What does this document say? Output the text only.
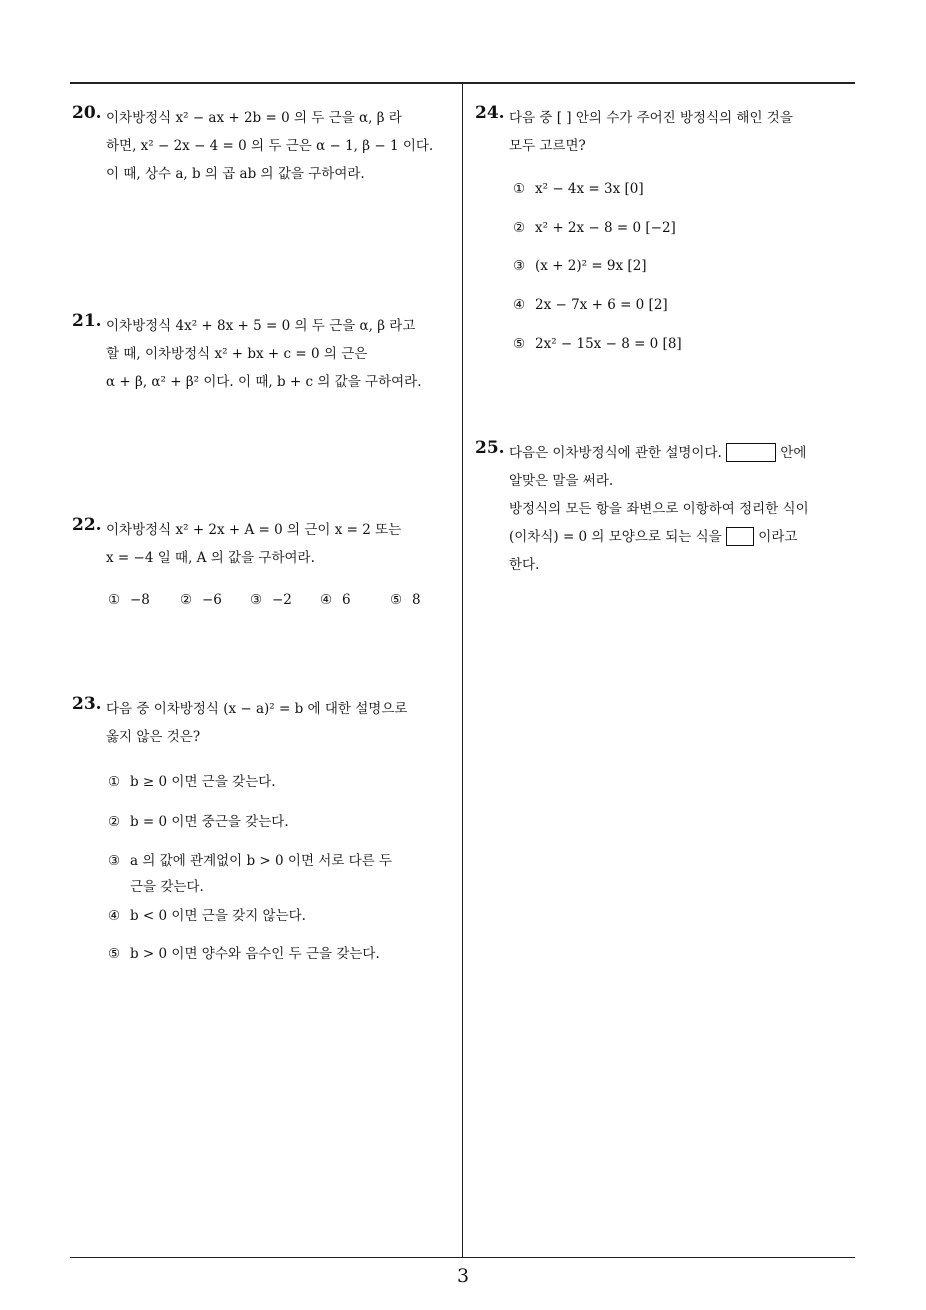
20. 이차방정식 x² − ax + 2b = 0 의 두 근을 α, β 라
하면, x² − 2x − 4 = 0 의 두 근은 α − 1, β − 1 이다.
이 때, 상수 a, b 의 곱 ab 의 값을 구하여라.
21. 이차방정식 4x² + 8x + 5 = 0 의 두 근을 α, β 라고
할 때, 이차방정식 x² + bx + c = 0 의 근은
α + β, α² + β² 이다. 이 때, b + c 의 값을 구하여라.
22. 이차방정식 x² + 2x + A = 0 의 근이 x = 2 또는
x = −4 일 때, A 의 값을 구하여라.
① −8 ② −6 ③ −2 ④ 6	⑤ 8
23. 다음 중 이차방정식 (x − a)² = b 에 대한 설명으로
옳지 않은 것은?
① b ≥ 0 이면 근을 갖는다.
② b = 0 이면 중근을 갖는다.
③ a 의 값에 관계없이 b > 0 이면 서로 다른 두
근을 갖는다.
④ b < 0 이면 근을 갖지 않는다.
⑤ b > 0 이면 양수와 음수인 두 근을 갖는다.
24. 다음 중 [ ] 안의 수가 주어진 방정식의 해인 것을
모두 고르면?
① x² − 4x = 3x [0]
② x² + 2x − 8 = 0 [−2]
③ (x + 2)² = 9x [2]
④ 2x − 7x + 6 = 0 [2]
⑤ 2x² − 15x − 8 = 0 [8]
25. 다음은 이차방정식에 관한 설명이다.	안에
알맞은 말을 써라.
방정식의 모든 항을 좌변으로 이항하여 정리한 식이
(이차식) = 0 의 모양으로 되는 식을	이라고
한다.
3
